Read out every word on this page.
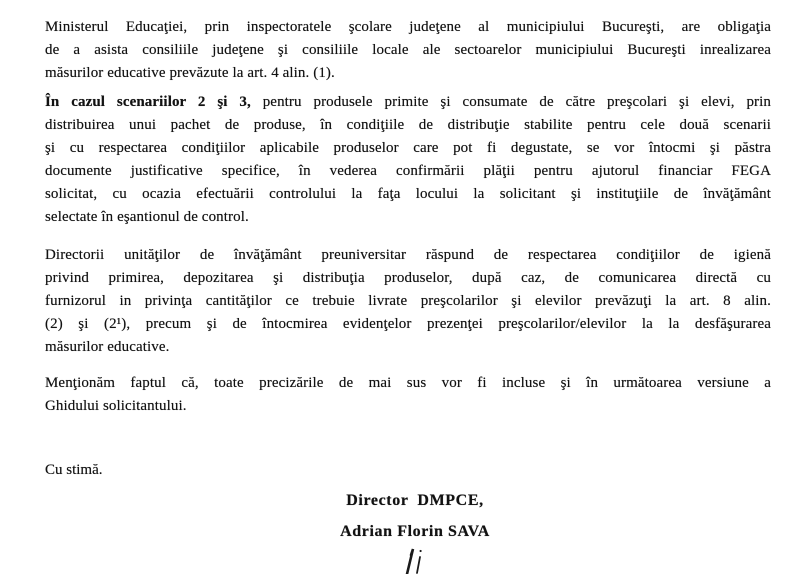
Ministerul Educaţiei, prin inspectoratele şcolare judeţene al municipiului Bucureşti, are obligaţia
de a asista consiliile judeţene şi consiliile locale ale sectoarelor municipiului Bucureşti inrealizarea
măsurilor educative prevăzute la art. 4 alin. (1).
În cazul scenariilor 2 şi 3, pentru produsele primite şi consumate de către preşcolari şi elevi, prin
distribuirea unui pachet de produse, în condiţiile de distribuţie stabilite pentru cele două scenarii
şi cu respectarea condiţiilor aplicabile produselor care pot fi degustate, se vor întocmi şi păstra
documente justificative specifice, în vederea confirmării plăţii pentru ajutorul financiar FEGA
solicitat, cu ocazia efectuării controlului la faţa locului la solicitant şi instituţiile de învăţământ
selectate în eşantionul de control.
Directorii unităţilor de învăţământ preuniversitar răspund de respectarea condiţiilor de igienă
privind primirea, depozitarea şi distribuţia produselor, după caz, de comunicarea directă cu
furnizorul in privinţa cantităţilor ce trebuie livrate preşcolarilor şi elevilor prevăzuţi la art. 8 alin.
(2) şi (2¹), precum şi de întocmirea evidenţelor prezenţei preşcolarilor/elevilor la la desfăşurarea
măsurilor educative.
Menţionăm faptul că, toate precizările de mai sus vor fi incluse şi în următoarea versiune a
Ghidului solicitantului.
Cu stimă.
Director  DMPCE,
Adrian Florin SAVA
